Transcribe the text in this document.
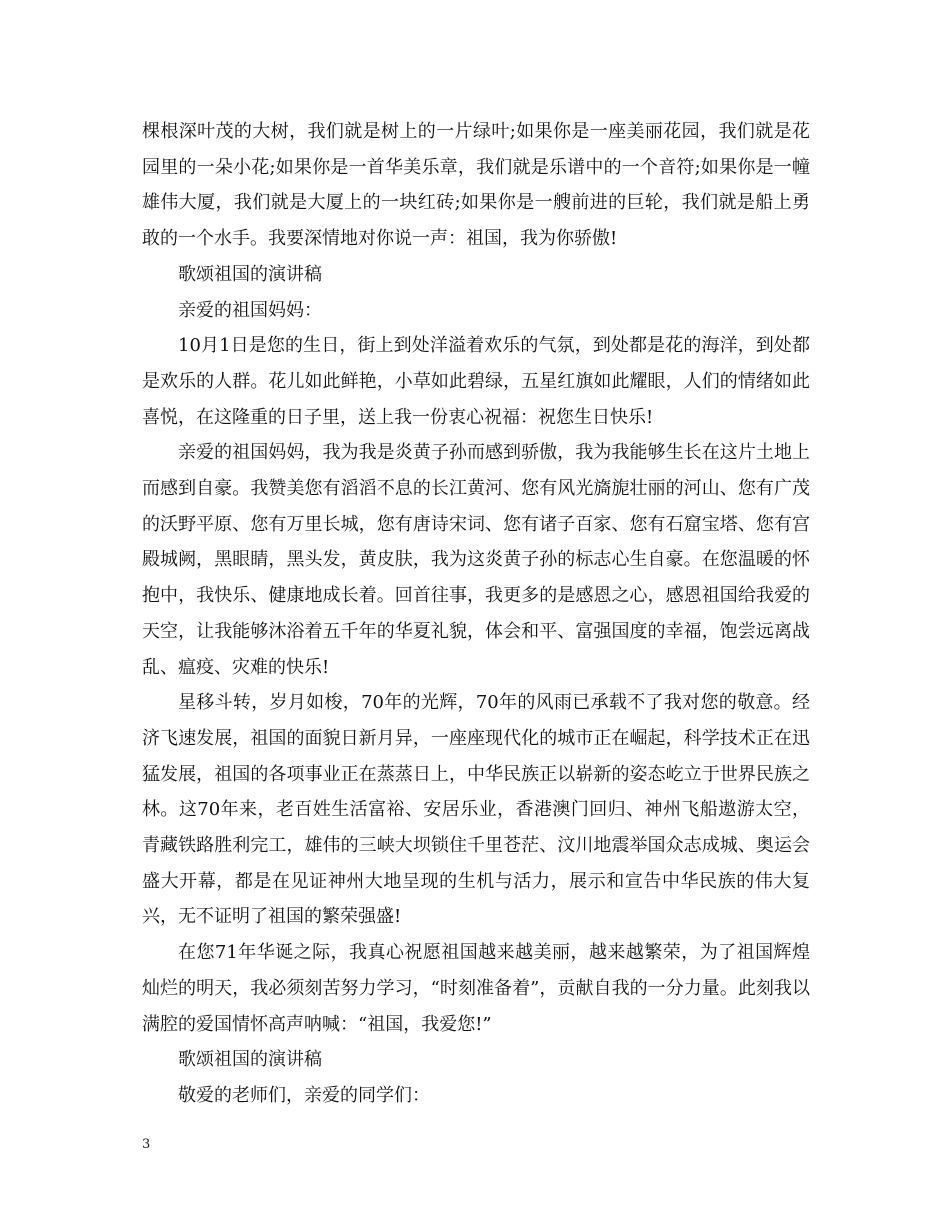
棵根深叶茂的大树，我们就是树上的一片绿叶;如果你是一座美丽花园，我们就是花园里的一朵小花;如果你是一首华美乐章，我们就是乐谱中的一个音符;如果你是一幢雄伟大厦，我们就是大厦上的一块红砖;如果你是一艘前进的巨轮，我们就是船上勇敢的一个水手。我要深情地对你说一声：祖国，我为你骄傲!

歌颂祖国的演讲稿

亲爱的祖国妈妈：

10月1日是您的生日，街上到处洋溢着欢乐的气氛，到处都是花的海洋，到处都是欢乐的人群。花儿如此鲜艳，小草如此碧绿，五星红旗如此耀眼，人们的情绪如此喜悦，在这隆重的日子里，送上我一份衷心祝福：祝您生日快乐!

亲爱的祖国妈妈，我为我是炎黄子孙而感到骄傲，我为我能够生长在这片土地上而感到自豪。我赞美您有滔滔不息的长江黄河、您有风光旖旎壮丽的河山、您有广茂的沃野平原、您有万里长城，您有唐诗宋词、您有诸子百家、您有石窟宝塔、您有宫殿城阙，黑眼睛，黑头发，黄皮肤，我为这炎黄子孙的标志心生自豪。在您温暖的怀抱中，我快乐、健康地成长着。回首往事，我更多的是感恩之心，感恩祖国给我爱的天空，让我能够沐浴着五千年的华夏礼貌，体会和平、富强国度的幸福，饱尝远离战乱、瘟疫、灾难的快乐!

星移斗转，岁月如梭，70年的光辉，70年的风雨已承载不了我对您的敬意。经济飞速发展，祖国的面貌日新月异，一座座现代化的城市正在崛起，科学技术正在迅猛发展，祖国的各项事业正在蒸蒸日上，中华民族正以崭新的姿态屹立于世界民族之林。这70年来，老百姓生活富裕、安居乐业，香港澳门回归、神州飞船遨游太空，青藏铁路胜利完工，雄伟的三峡大坝锁住千里苍茫、汶川地震举国众志成城、奥运会盛大开幕，都是在见证神州大地呈现的生机与活力，展示和宣告中华民族的伟大复兴，无不证明了祖国的繁荣强盛!

在您71年华诞之际，我真心祝愿祖国越来越美丽，越来越繁荣，为了祖国辉煌灿烂的明天，我必须刻苦努力学习，“时刻准备着”，贡献自我的一分力量。此刻我以满腔的爱国情怀高声呐喊：“祖国，我爱您!”

歌颂祖国的演讲稿

敬爱的老师们，亲爱的同学们：

3
